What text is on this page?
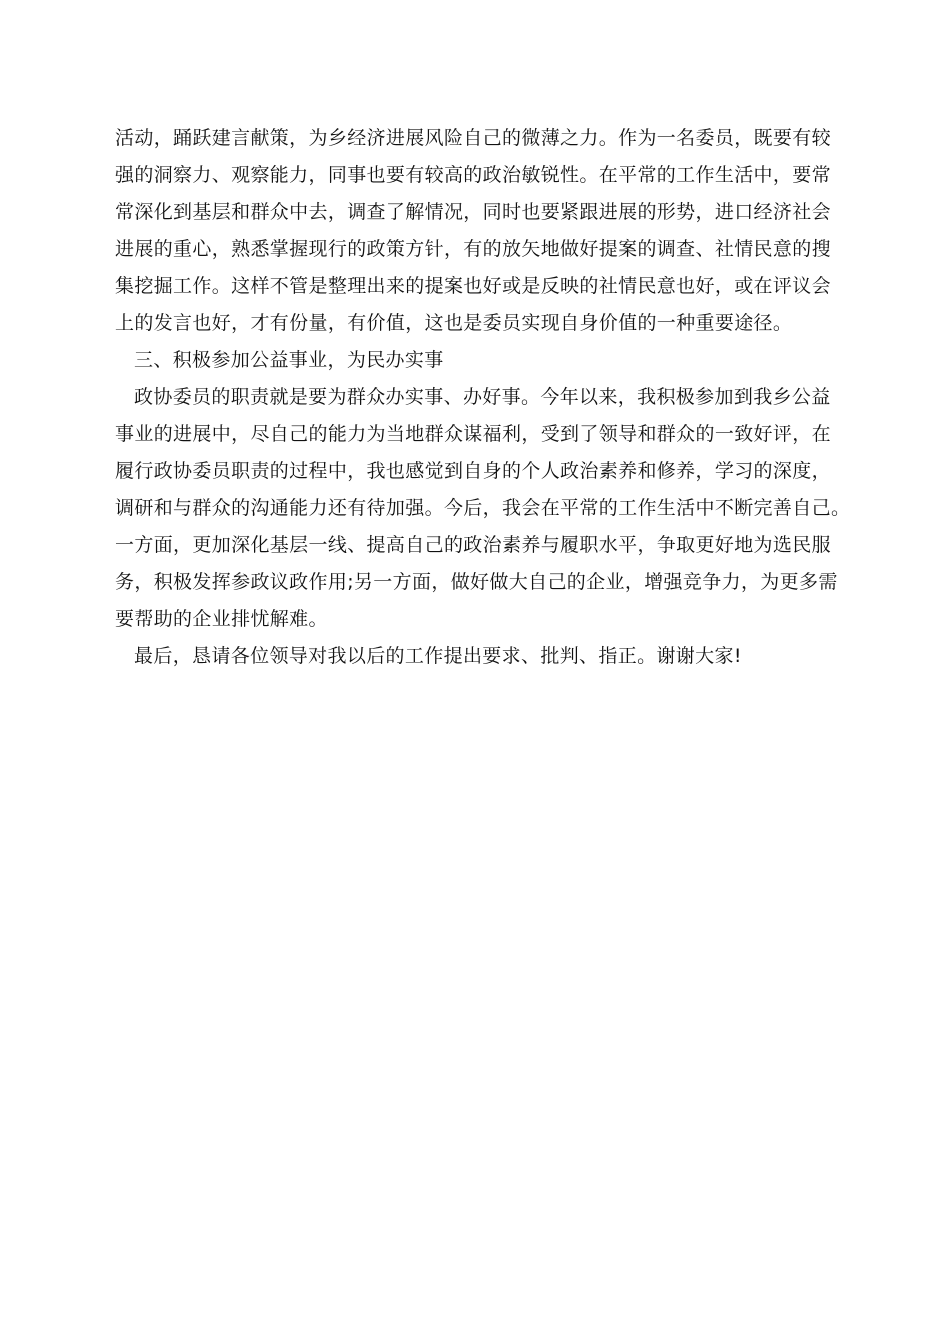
活动，踊跃建言献策，为乡经济进展风险自己的微薄之力。作为一名委员，既要有较
强的洞察力、观察能力，同事也要有较高的政治敏锐性。在平常的工作生活中，要常
常深化到基层和群众中去，调查了解情况，同时也要紧跟进展的形势，进口经济社会
进展的重心，熟悉掌握现行的政策方针，有的放矢地做好提案的调查、社情民意的搜
集挖掘工作。这样不管是整理出来的提案也好或是反映的社情民意也好，或在评议会
上的发言也好，才有份量，有价值，这也是委员实现自身价值的一种重要途径。
三、积极参加公益事业，为民办实事
政协委员的职责就是要为群众办实事、办好事。今年以来，我积极参加到我乡公益
事业的进展中，尽自己的能力为当地群众谋福利，受到了领导和群众的一致好评，在
履行政协委员职责的过程中，我也感觉到自身的个人政治素养和修养，学习的深度，
调研和与群众的沟通能力还有待加强。今后，我会在平常的工作生活中不断完善自己。
一方面，更加深化基层一线、提高自己的政治素养与履职水平，争取更好地为选民服
务，积极发挥参政议政作用;另一方面，做好做大自己的企业，增强竞争力，为更多需
要帮助的企业排忧解难。
最后，恳请各位领导对我以后的工作提出要求、批判、指正。谢谢大家!
